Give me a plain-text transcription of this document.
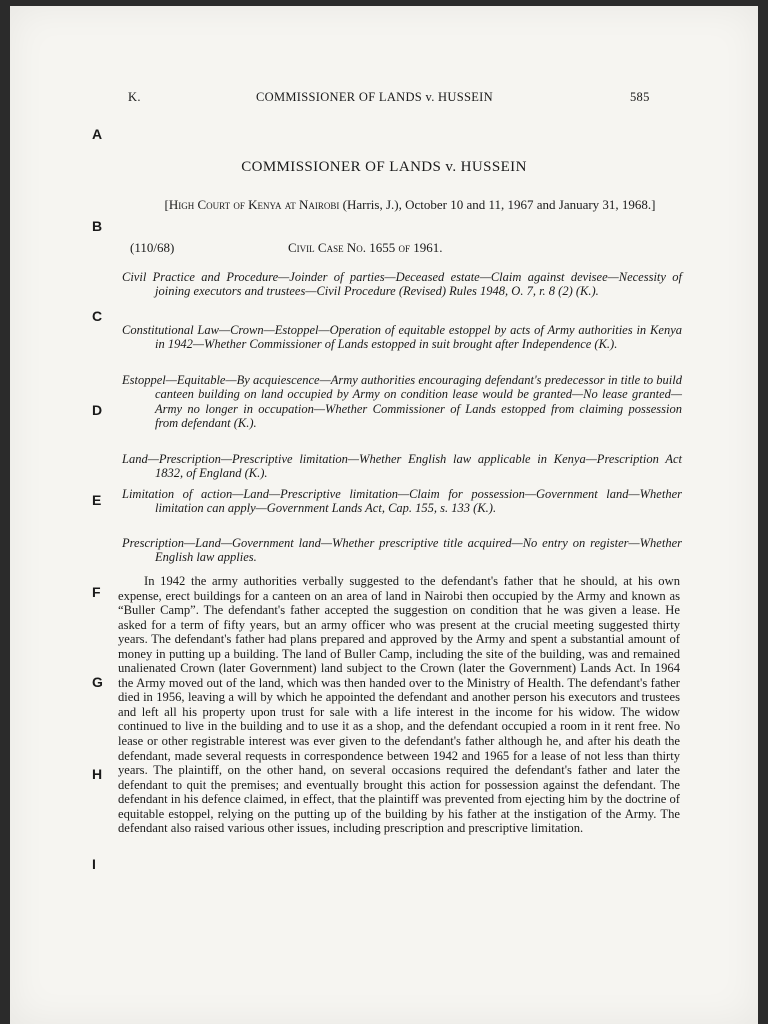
K.	COMMISSIONER OF LANDS v. HUSSEIN	585
A
B
C
D
E
F
G
H
I
COMMISSIONER OF LANDS v. HUSSEIN
[High Court of Kenya at Nairobi (Harris, J.), October 10 and 11, 1967 and January 31, 1968.]
(110/68)	Civil Case No. 1655 of 1961.

Civil Practice and Procedure—Joinder of parties—Deceased estate—Claim against devisee—Necessity of joining executors and trustees—Civil Procedure (Revised) Rules 1948, O. 7, r. 8 (2) (K.).

Constitutional Law—Crown—Estoppel—Operation of equitable estoppel by acts of Army authorities in Kenya in 1942—Whether Commissioner of Lands estopped in suit brought after Independence (K.).

Estoppel—Equitable—By acquiescence—Army authorities encouraging defendant's predecessor in title to build canteen building on land occupied by Army on condition lease would be granted—No lease granted—Army no longer in occupation—Whether Commissioner of Lands estopped from claiming possession from defendant (K.).

Land—Prescription—Prescriptive limitation—Whether English law applicable in Kenya—Prescription Act 1832, of England (K.).

Limitation of action—Land—Prescriptive limitation—Claim for possession—Government land—Whether limitation can apply—Government Lands Act, Cap. 155, s. 133 (K.).

Prescription—Land—Government land—Whether prescriptive title acquired—No entry on register—Whether English law applies.

In 1942 the army authorities verbally suggested to the defendant's father that he should, at his own expense, erect buildings for a canteen on an area of land in Nairobi then occupied by the Army and known as “Buller Camp”. The defendant's father accepted the suggestion on condition that he was given a lease. He asked for a term of fifty years, but an army officer who was present at the crucial meeting suggested thirty years. The defendant's father had plans prepared and approved by the Army and spent a substantial amount of money in putting up a building. The land of Buller Camp, including the site of the building, was and remained unalienated Crown (later Government) land subject to the Crown (later the Government) Lands Act. In 1964 the Army moved out of the land, which was then handed over to the Ministry of Health. The defendant's father died in 1956, leaving a will by which he appointed the defendant and another person his executors and trustees and left all his property upon trust for sale with a life interest in the income for his widow. The widow continued to live in the building and to use it as a shop, and the defendant occupied a room in it rent free. No lease or other registrable interest was ever given to the defendant's father although he, and after his death the defendant, made several requests in correspondence between 1942 and 1965 for a lease of not less than thirty years. The plaintiff, on the other hand, on several occasions required the defendant's father and later the defendant to quit the premises; and eventually brought this action for possession against the defendant. The defendant in his defence claimed, in effect, that the plaintiff was prevented from ejecting him by the doctrine of equitable estoppel, relying on the putting up of the building by his father at the instigation of the Army. The defendant also raised various other issues, including prescription and prescriptive limitation.
